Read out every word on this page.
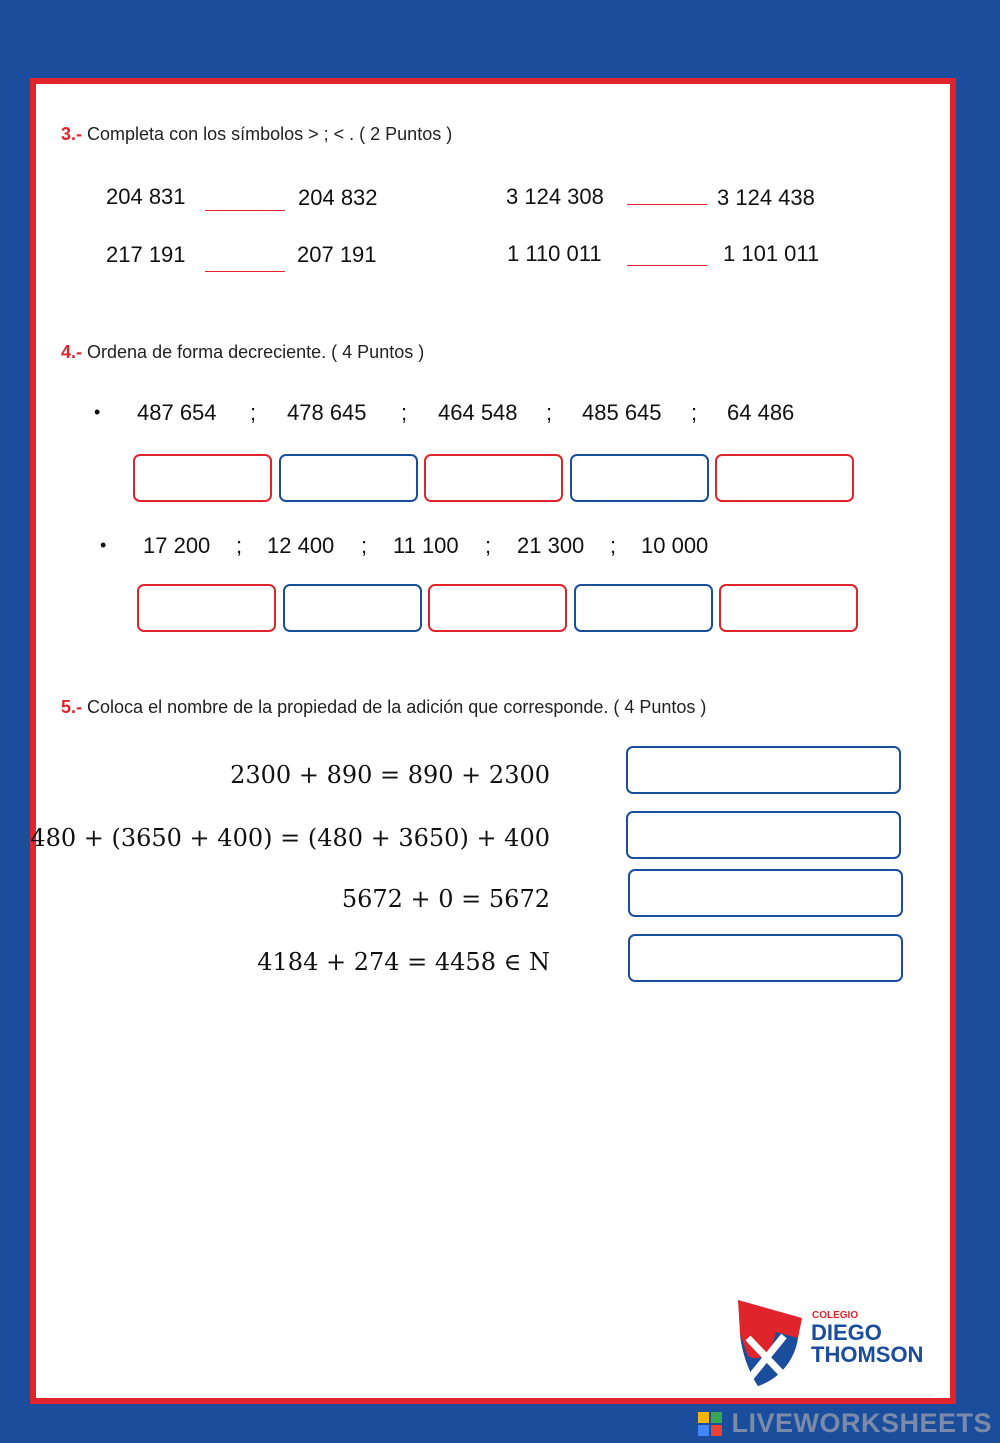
3.- Completa con los símbolos > ; < . ( 2 Puntos )
204 831	204 832
217 191	207 191
3 124 308	3 124 438
1 110 011	1 101 011
4.- Ordena de forma decreciente. ( 4 Puntos )
• 487 654 ; 478 645 ; 464 548 ; 485 645 ; 64 486
• 17 200 ; 12 400 ; 11 100 ; 21 300 ; 10 000
5.- Coloca el nombre de la propiedad de la adición que corresponde. ( 4 Puntos )
2300 + 890 = 890 + 2300
480 + (3650 + 400) = (480 + 3650) + 400
5672 + 0 = 5672
4184 + 274 = 4458 ∈ N
COLEGIO
DIEGO
THOMSON
LIVEWORKSHEETS
